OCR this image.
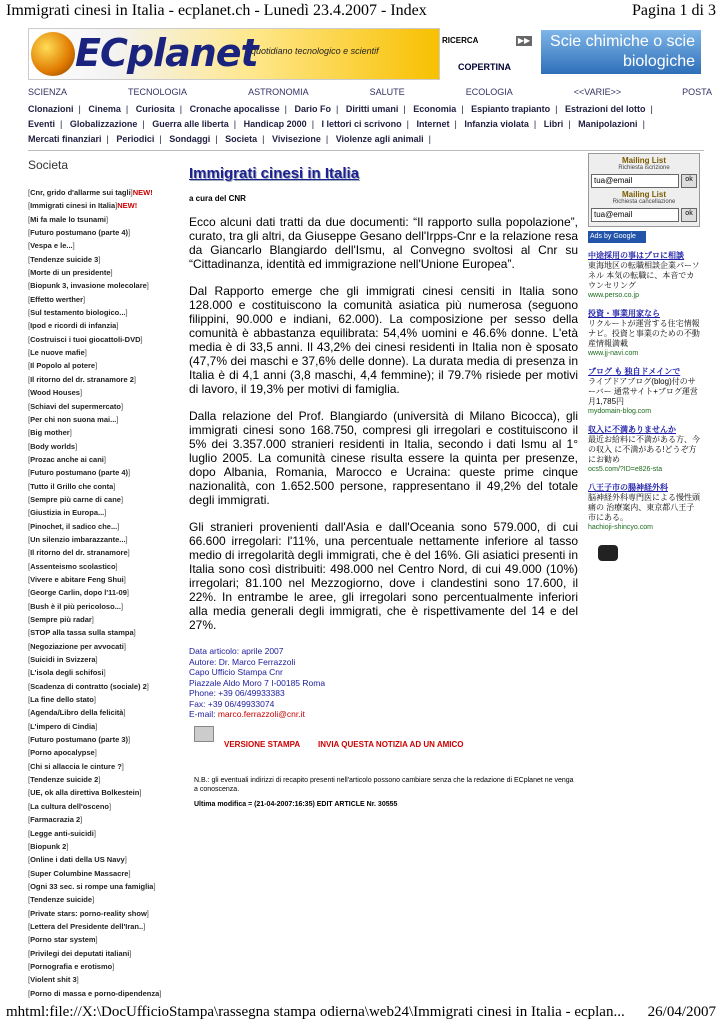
Immigrati cinesi in Italia - ecplanet.ch - Lunedì 23.4.2007 - Index	Pagina 1 di 3
ECplanet
quotidiano tecnologico e scientif
RICERCA	▶▶
COPERTINA
Scie chimiche o scie biologiche
SCIENZA	TECNOLOGIA	ASTRONOMIA	SALUTE	ECOLOGIA	<<VARIE>>	POSTA
Clonazioni | Cinema | Curiosita | Cronache apocalisse | Dario Fo | Diritti umani | Economia | Espianto trapianto | Estrazioni del lotto | Eventi | Globalizzazione | Guerra alle liberta | Handicap 2000 | I lettori ci scrivono | Internet | Infanzia violata | Libri | Manipolazioni | Mercati finanziari | Periodici | Sondaggi | Societa | Vivisezione | Violenze agli animali |
Societa
[Cnr, grido d'allarme sui tagli]NEW!
[Immigrati cinesi in Italia]NEW!
[Mi fa male lo tsunami]
[Futuro postumano (parte 4)]
[Vespa e le...]
[Tendenze suicide 3]
[Morte di un presidente]
[Biopunk 3, invasione molecolare]
[Effetto werther]
[Sul testamento biologico...]
[Ipod e ricordi di infanzia]
[Costruisci i tuoi giocattoli-DVD]
[Le nuove mafie]
[Il Popolo al potere]
[Il ritorno del dr. stranamore 2]
[Wood Houses]
[Schiavi del supermercato]
[Per chi non suona mai...]
[Big mother]
[Body worlds]
[Prozac anche ai cani]
[Futuro postumano (parte 4)]
[Tutto il Grillo che conta]
[Sempre più carne di cane]
[Giustizia in Europa...]
[Pinochet, il sadico che...]
[Un silenzio imbarazzante...]
[Il ritorno del dr. stranamore]
[Assenteismo scolastico]
[Vivere e abitare Feng Shui]
[George Carlin, dopo l'11-09]
[Bush è il più pericoloso...]
[Sempre più radar]
[STOP alla tassa sulla stampa]
[Negoziazione per avvocati]
[Suicidi in Svizzera]
[L'isola degli schifosi]
[Scadenza di contratto (sociale) 2]
[La fine dello stato]
[Agenda/Libro della felicità]
[L'impero di Cindia]
[Futuro postumano (parte 3)]
[Porno apocalypse]
[Chi si allaccia le cinture ?]
[Tendenze suicide 2]
[UE, ok alla direttiva Bolkestein]
[La cultura dell'osceno]
[Farmacrazia 2]
[Legge anti-suicidi]
[Biopunk 2]
[Online i dati della US Navy]
[Super Columbine Massacre]
[Ogni 33 sec. si rompe una famiglia]
[Tendenze suicide]
[Private stars: porno-reality show]
[Lettera del Presidente dell'Iran..]
[Porno star system]
[Privilegi dei deputati italiani]
[Pornografia e erotismo]
[Violent shit 3]
[Porno di massa e porno-dipendenza]
Immigrati cinesi in Italia
a cura del CNR

Ecco alcuni dati tratti da due documenti: “Il rapporto sulla popolazione”, curato, tra gli altri, da Giuseppe Gesano dell'Irpps-Cnr e la relazione resa da Giancarlo Blangiardo dell'Ismu, al Convegno svoltosi al Cnr su “Cittadinanza, identità ed immigrazione nell'Unione Europea”.

Dal Rapporto emerge che gli immigrati cinesi censiti in Italia sono 128.000 e costituiscono la comunità asiatica più numerosa (seguono filippini, 90.000 e indiani, 62.000). La composizione per sesso della comunità è abbastanza equilibrata: 54,4% uomini e 46.6% donne. L'età media è di 33,5 anni. Il 43,2% dei cinesi residenti in Italia non è sposato (47,7% dei maschi e 37,6% delle donne). La durata media di presenza in Italia è di 4,1 anni (3,8 maschi, 4,4 femmine); il 79.7% risiede per motivi di lavoro, il 19,3% per motivi di famiglia.

Dalla relazione del Prof. Blangiardo (università di Milano Bicocca), gli immigrati cinesi sono 168.750, compresi gli irregolari e costituiscono il 5% dei 3.357.000 stranieri residenti in Italia, secondo i dati Ismu al 1° luglio 2005. La comunità cinese risulta essere la quinta per presenze, dopo Albania, Romania, Marocco e Ucraina: queste prime cinque nazionalità, con 1.652.500 persone, rappresentano il 49,2% del totale degli immigrati.

Gli stranieri provenienti dall'Asia e dall'Oceania sono 579.000, di cui 66.600 irregolari: l'11%, una percentuale nettamente inferiore al tasso medio di irregolarità degli immigrati, che è del 16%. Gli asiatici presenti in Italia sono così distribuiti: 498.000 nel Centro Nord, di cui 49.000 (10%) irregolari; 81.100 nel Mezzogiorno, dove i clandestini sono 17.600, il 22%. In entrambe le aree, gli irregolari sono percentualmente inferiori alla media generali degli immigrati, che è rispettivamente del 14 e del 27%.

Data articolo: aprile 2007
Autore: Dr. Marco Ferrazzoli
Capo Ufficio Stampa Cnr
Piazzale Aldo Moro 7 I-00185 Roma
Phone: +39 06/49933383
Fax: +39 06/49933074
E-mail: marco.ferrazzoli@cnr.it
VERSIONE STAMPA INVIA QUESTA NOTIZIA AD UN AMICO
N.B.: gli eventuali indirizzi di recapito presenti nell'articolo possono cambiare senza che la redazione di ECplanet ne venga a conoscenza.
Ultima modifica = (21-04-2007:16:35) EDIT ARTICLE Nr. 30555
Mailing List
Richiesta iscrizione
tua@email	ok
Mailing List
Richiesta cancellazione
tua@email	ok
Ads by Google
中途採用の事はプロに相談
東海地区の転職相談企業パーソネル 本気の転職に、本音でカウンセリング
www.perso.co.jp
投資・事業用家なら
リクルートが運営する住宅情報ナビ。投資と事業のための不動産情報満載
www.jj-navi.com
ブログ も 独自ドメインで
ライブドアブログ(blog)付のサーバー 通常サイト+ブログ運営 月1,785円
mydomain-blog.com
収入に不満ありませんか
最近お給料に不満がある方、今の収入 に不満がある!どうぞ方にお勧め
ocs5.com/?ID=e826-sta
八王子市の腸神経外科
脳神経外科専門医による慢性頭痛の 治療案内、東京都八王子市にある。
hachioji-shincyo.com
mhtml:file://X:\DocUfficioStampa\rassegna stampa odierna\web24\Immigrati cinesi in Italia - ecplan... 26/04/2007
